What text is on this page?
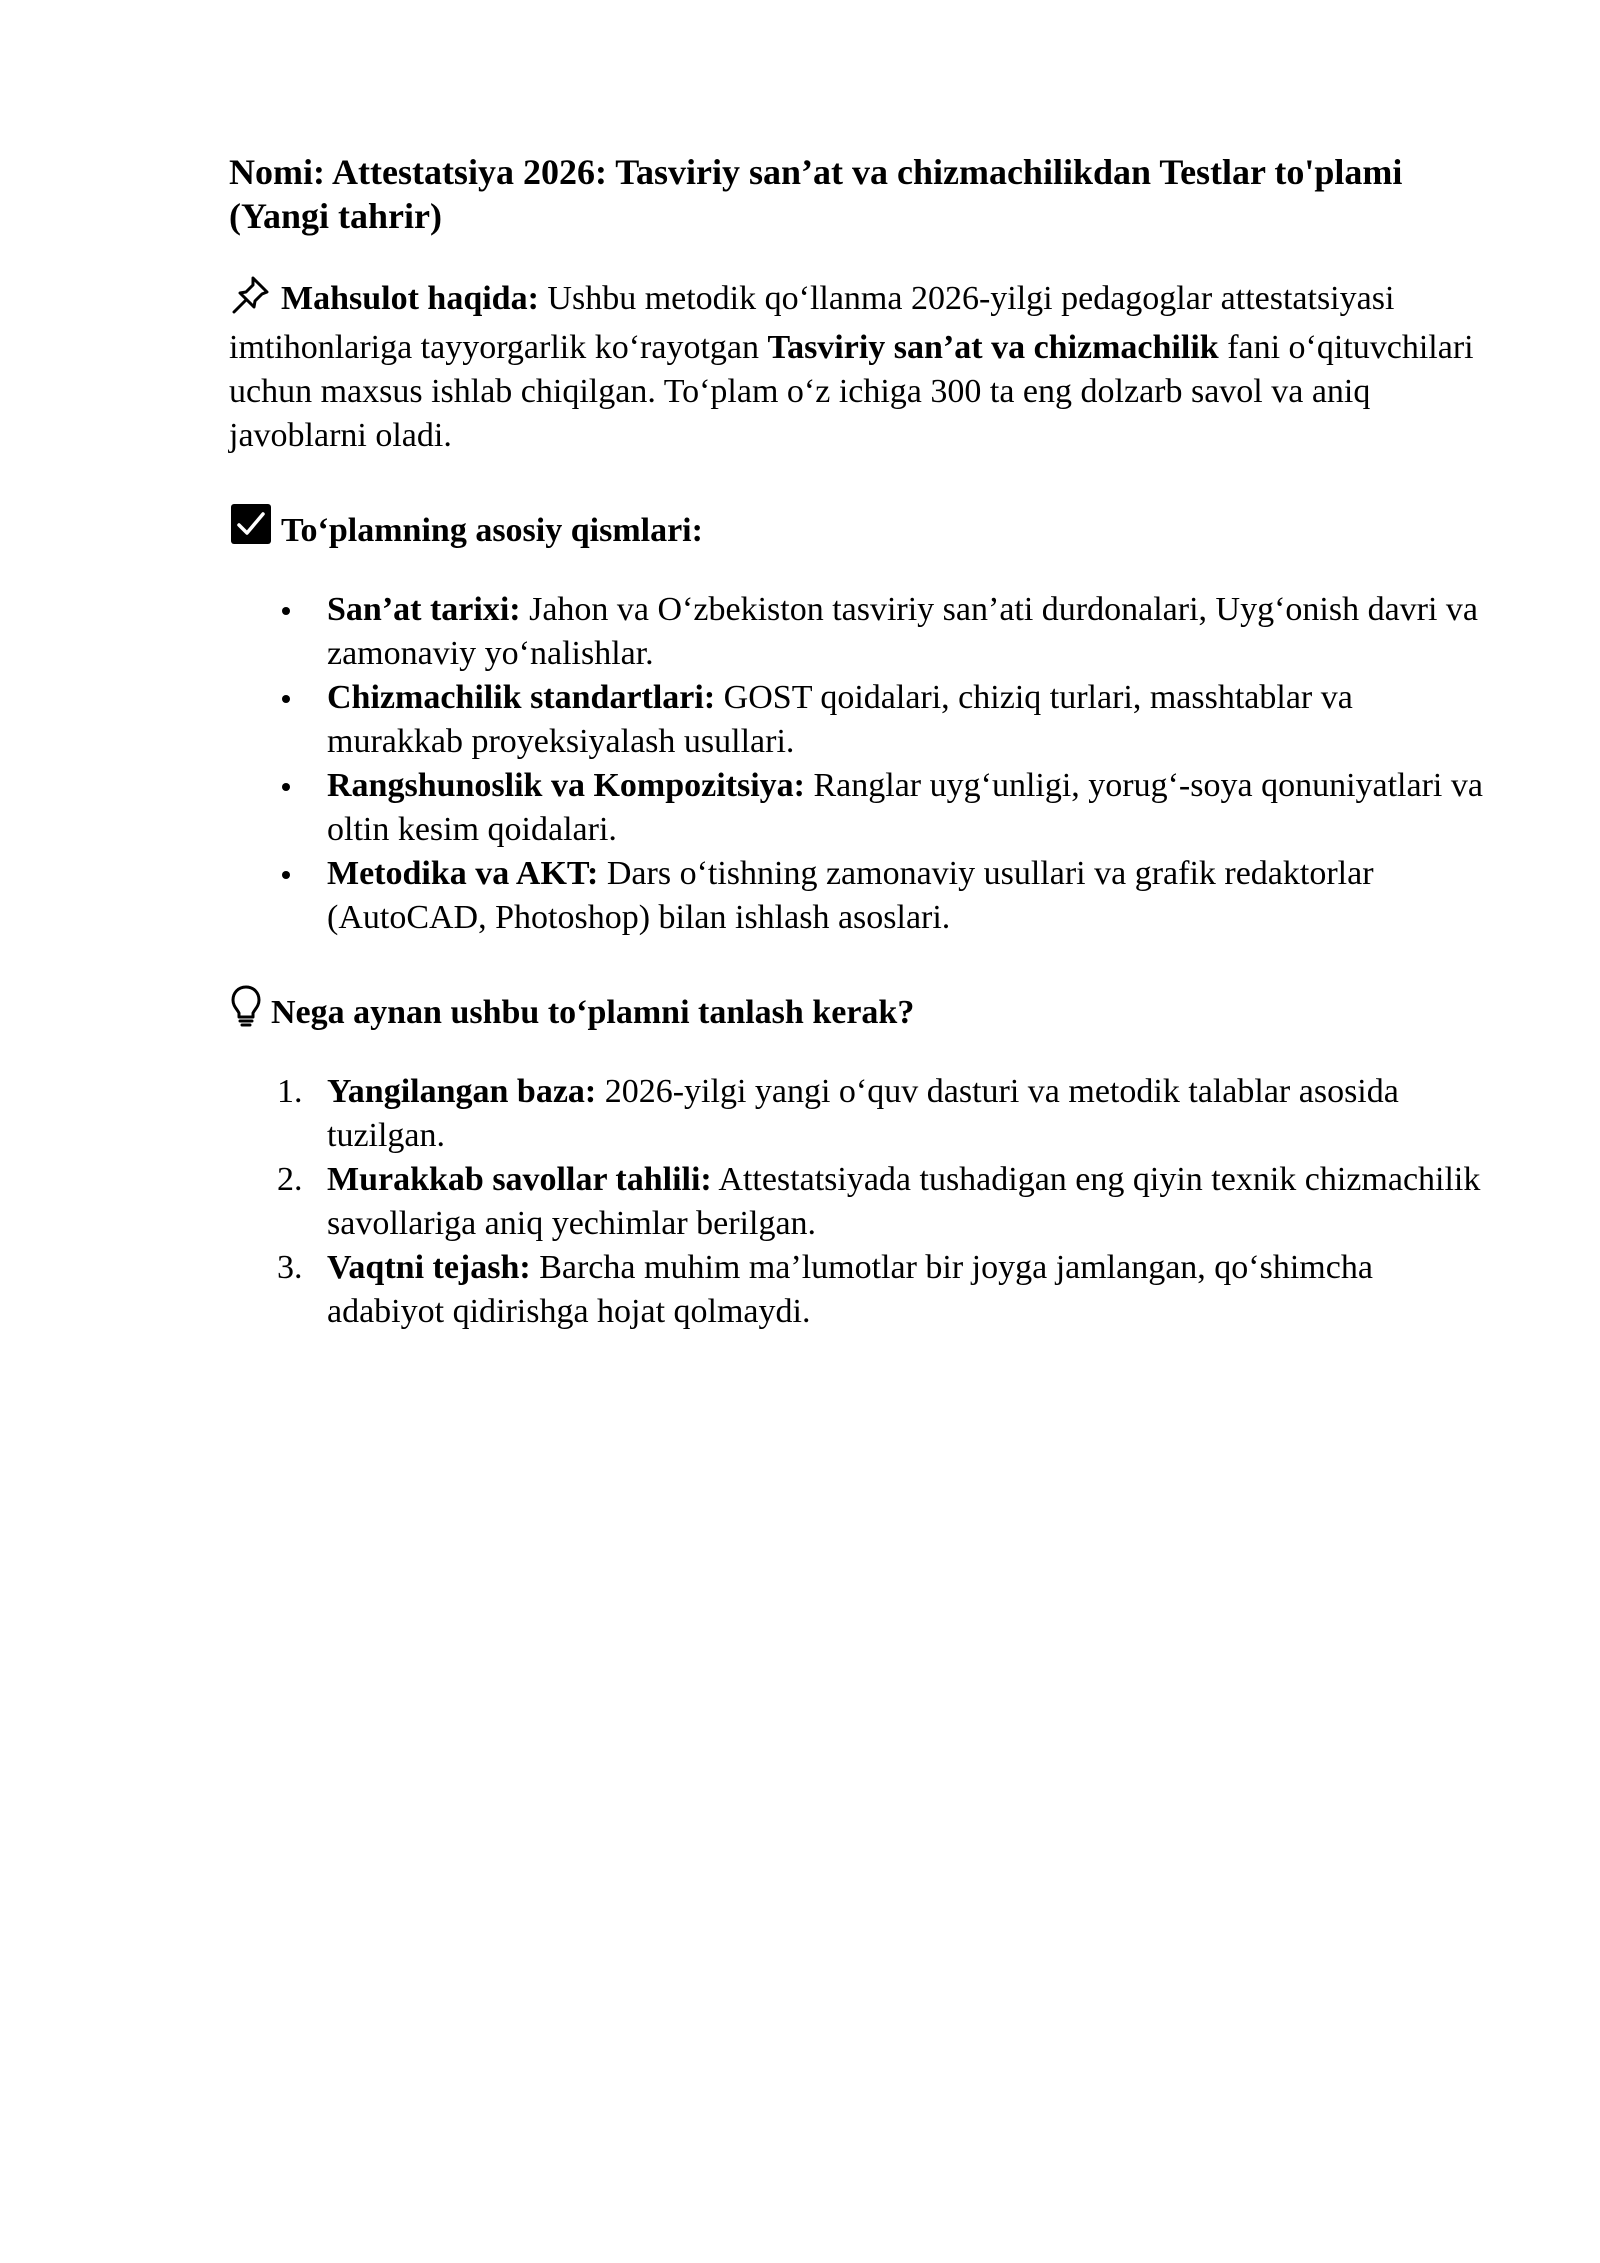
Nomi: Attestatsiya 2026: Tasviriy san’at va chizmachilikdan Testlar to'plami (Yangi tahrir)

Mahsulot haqida: Ushbu metodik qo‘llanma 2026-yilgi pedagoglar attestatsiyasi imtihonlariga tayyorgarlik ko‘rayotgan Tasviriy san’at va chizmachilik fani o‘qituvchilari uchun maxsus ishlab chiqilgan. To‘plam o‘z ichiga 300 ta eng dolzarb savol va aniq javoblarni oladi.

To‘plamning asosiy qismlari:
San’at tarixi: Jahon va O‘zbekiston tasviriy san’ati durdonalari, Uyg‘onish davri va zamonaviy yo‘nalishlar.
Chizmachilik standartlari: GOST qoidalari, chiziq turlari, masshtablar va murakkab proyeksiyalash usullari.
Rangshunoslik va Kompozitsiya: Ranglar uyg‘unligi, yorug‘-soya qonuniyatlari va oltin kesim qoidalari.
Metodika va AKT: Dars o‘tishning zamonaviy usullari va grafik redaktorlar (AutoCAD, Photoshop) bilan ishlash asoslari.
Nega aynan ushbu to‘plamni tanlash kerak?
1. Yangilangan baza: 2026-yilgi yangi o‘quv dasturi va metodik talablar asosida tuzilgan.
2. Murakkab savollar tahlili: Attestatsiyada tushadigan eng qiyin texnik chizmachilik savollariga aniq yechimlar berilgan.
3. Vaqtni tejash: Barcha muhim ma’lumotlar bir joyga jamlangan, qo‘shimcha adabiyot qidirishga hojat qolmaydi.
